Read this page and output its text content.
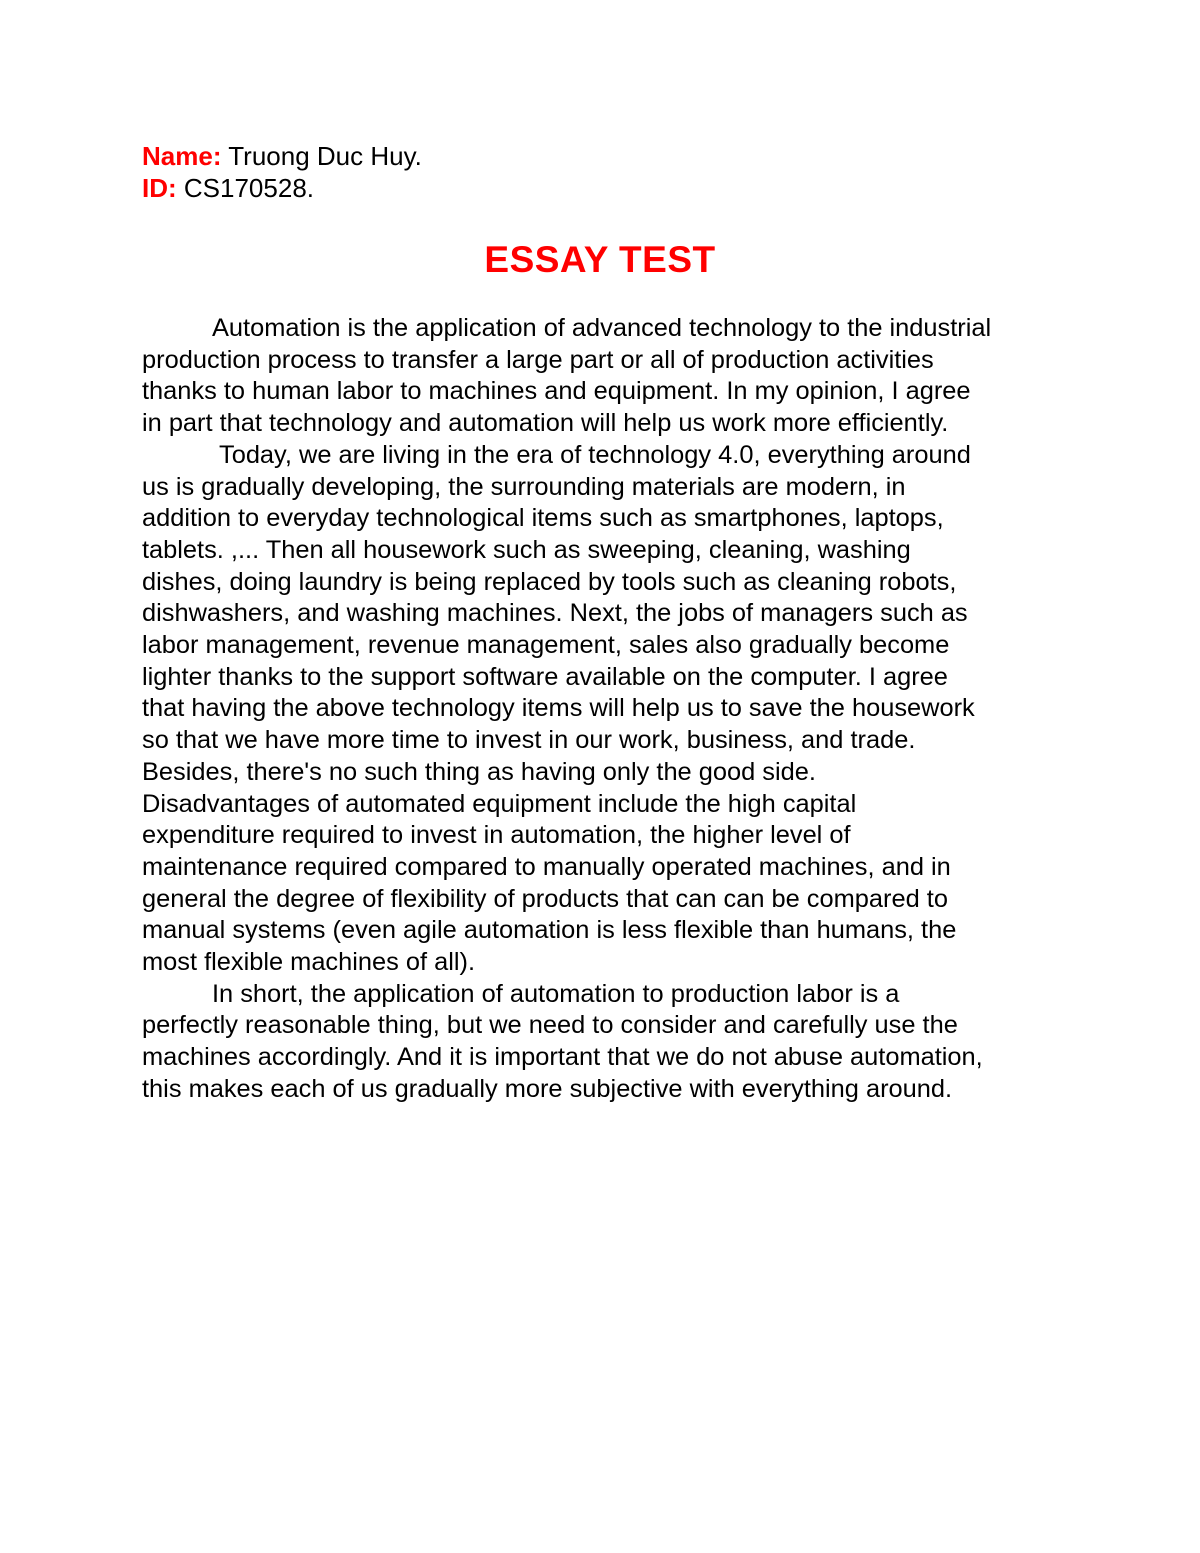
Name: Truong Duc Huy.
ID: CS170528.
ESSAY TEST
Automation is the application of advanced technology to the industrial
production process to transfer a large part or all of production activities
thanks to human labor to machines and equipment. In my opinion, I agree
in part that technology and automation will help us work more efficiently.
Today, we are living in the era of technology 4.0, everything around
us is gradually developing, the surrounding materials are modern, in
addition to everyday technological items such as smartphones, laptops,
tablets. ,... Then all housework such as sweeping, cleaning, washing
dishes, doing laundry is being replaced by tools such as cleaning robots,
dishwashers, and washing machines. Next, the jobs of managers such as
labor management, revenue management, sales also gradually become
lighter thanks to the support software available on the computer. I agree
that having the above technology items will help us to save the housework
so that we have more time to invest in our work, business, and trade.
Besides, there's no such thing as having only the good side.
Disadvantages of automated equipment include the high capital
expenditure required to invest in automation, the higher level of
maintenance required compared to manually operated machines, and in
general the degree of flexibility of products that can can be compared to
manual systems (even agile automation is less flexible than humans, the
most flexible machines of all).
In short, the application of automation to production labor is a
perfectly reasonable thing, but we need to consider and carefully use the
machines accordingly. And it is important that we do not abuse automation,
this makes each of us gradually more subjective with everything around.
